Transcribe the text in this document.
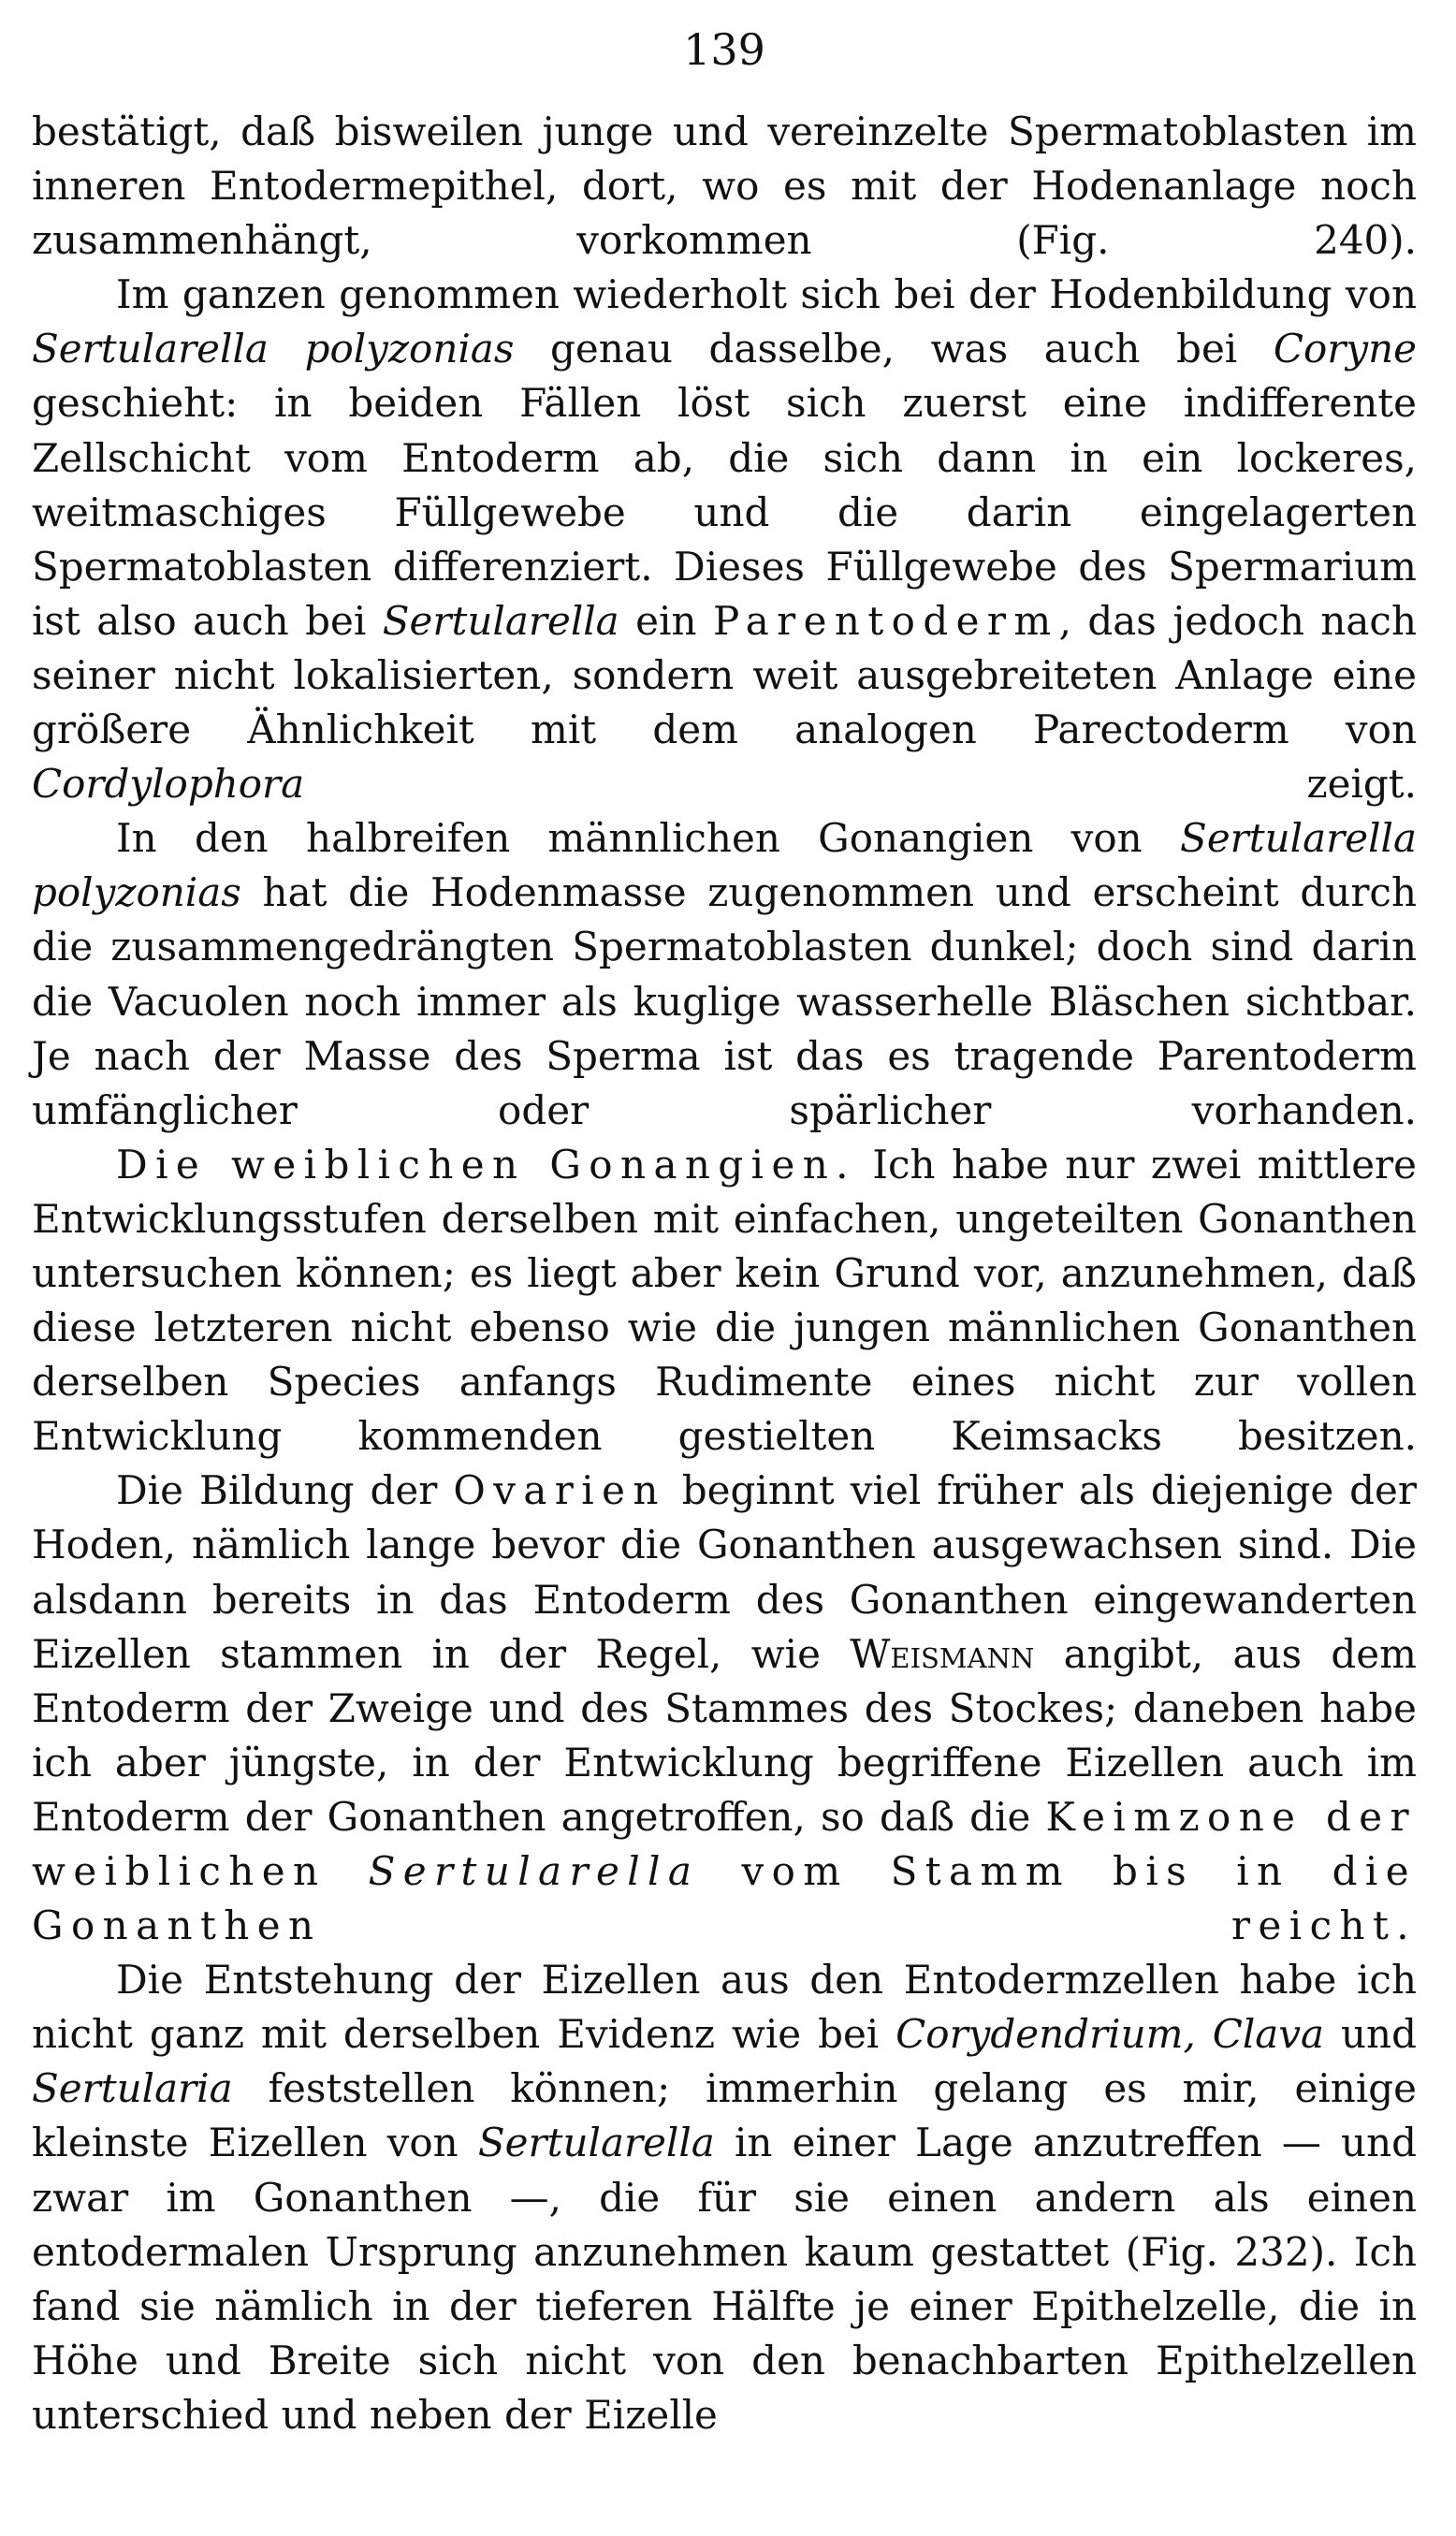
139

bestätigt, daß bisweilen junge und vereinzelte Spermatoblasten im inneren Entodermepithel, dort, wo es mit der Hodenanlage noch zusammenhängt, vorkommen (Fig. 240).

Im ganzen genommen wiederholt sich bei der Hodenbildung von Sertularella polyzonias genau dasselbe, was auch bei Coryne geschieht: in beiden Fällen löst sich zuerst eine indifferente Zellschicht vom Entoderm ab, die sich dann in ein lockeres, weitmaschiges Füllgewebe und die darin eingelagerten Spermatoblasten differenziert. Dieses Füllgewebe des Spermarium ist also auch bei Sertularella ein Parentoderm, das jedoch nach seiner nicht lokalisierten, sondern weit ausgebreiteten Anlage eine größere Ähnlichkeit mit dem analogen Parectoderm von Cordylophora zeigt.

In den halbreifen männlichen Gonangien von Sertularella polyzonias hat die Hodenmasse zugenommen und erscheint durch die zusammengedrängten Spermatoblasten dunkel; doch sind darin die Vacuolen noch immer als kuglige wasserhelle Bläschen sichtbar. Je nach der Masse des Sperma ist das es tragende Parentoderm umfänglicher oder spärlicher vorhanden.

Die weiblichen Gonangien. Ich habe nur zwei mittlere Entwicklungsstufen derselben mit einfachen, ungeteilten Gonanthen untersuchen können; es liegt aber kein Grund vor, anzunehmen, daß diese letzteren nicht ebenso wie die jungen männlichen Gonanthen derselben Species anfangs Rudimente eines nicht zur vollen Entwicklung kommenden gestielten Keimsacks besitzen.

Die Bildung der Ovarien beginnt viel früher als diejenige der Hoden, nämlich lange bevor die Gonanthen ausgewachsen sind. Die alsdann bereits in das Entoderm des Gonanthen eingewanderten Eizellen stammen in der Regel, wie Weismann angibt, aus dem Entoderm der Zweige und des Stammes des Stockes; daneben habe ich aber jüngste, in der Entwicklung begriffene Eizellen auch im Entoderm der Gonanthen angetroffen, so daß die Keimzone der weiblichen Sertularella vom Stamm bis in die Gonanthen reicht.

Die Entstehung der Eizellen aus den Entodermzellen habe ich nicht ganz mit derselben Evidenz wie bei Corydendrium, Clava und Sertularia feststellen können; immerhin gelang es mir, einige kleinste Eizellen von Sertularella in einer Lage anzutreffen — und zwar im Gonanthen —, die für sie einen andern als einen entodermalen Ursprung anzunehmen kaum gestattet (Fig. 232). Ich fand sie nämlich in der tieferen Hälfte je einer Epithelzelle, die in Höhe und Breite sich nicht von den benachbarten Epithelzellen unterschied und neben der Eizelle
